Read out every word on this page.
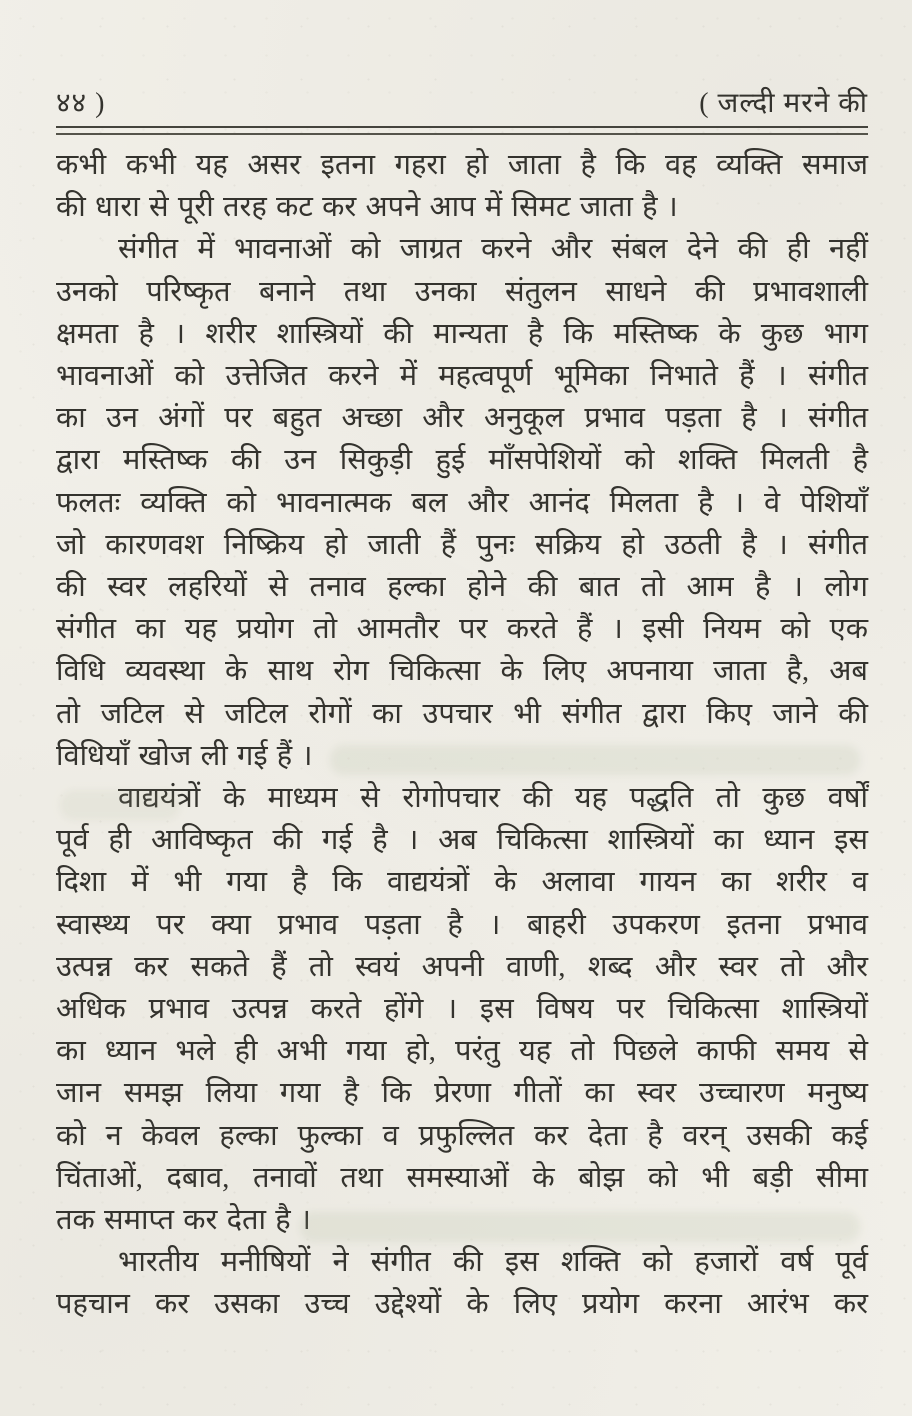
४४ )	( जल्दी मरने की
कभी कभी यह असर इतना गहरा हो जाता है कि वह व्यक्ति समाज
की धारा से पूरी तरह कट कर अपने आप में सिमट जाता है ।
संगीत में भावनाओं को जाग्रत करने और संबल देने की ही नहीं
उनको परिष्कृत बनाने तथा उनका संतुलन साधने की प्रभावशाली
क्षमता है । शरीर शास्त्रियों की मान्यता है कि मस्तिष्क के कुछ भाग
भावनाओं को उत्तेजित करने में महत्वपूर्ण भूमिका निभाते हैं । संगीत
का उन अंगों पर बहुत अच्छा और अनुकूल प्रभाव पड़ता है । संगीत
द्वारा मस्तिष्क की उन सिकुड़ी हुई माँसपेशियों को शक्ति मिलती है
फलतः व्यक्ति को भावनात्मक बल और आनंद मिलता है । वे पेशियाँ
जो कारणवश निष्क्रिय हो जाती हैं पुनः सक्रिय हो उठती है । संगीत
की स्वर लहरियों से तनाव हल्का होने की बात तो आम है । लोग
संगीत का यह प्रयोग तो आमतौर पर करते हैं । इसी नियम को एक
विधि व्यवस्था के साथ रोग चिकित्सा के लिए अपनाया जाता है, अब
तो जटिल से जटिल रोगों का उपचार भी संगीत द्वारा किए जाने की
विधियाँ खोज ली गई हैं ।
वाद्ययंत्रों के माध्यम से रोगोपचार की यह पद्धति तो कुछ वर्षों
पूर्व ही आविष्कृत की गई है । अब चिकित्सा शास्त्रियों का ध्यान इस
दिशा में भी गया है कि वाद्ययंत्रों के अलावा गायन का शरीर व
स्वास्थ्य पर क्या प्रभाव पड़ता है । बाहरी उपकरण इतना प्रभाव
उत्पन्न कर सकते हैं तो स्वयं अपनी वाणी, शब्द और स्वर तो और
अधिक प्रभाव उत्पन्न करते होंगे । इस विषय पर चिकित्सा शास्त्रियों
का ध्यान भले ही अभी गया हो, परंतु यह तो पिछले काफी समय से
जान समझ लिया गया है कि प्रेरणा गीतों का स्वर उच्चारण मनुष्य
को न केवल हल्का फुल्का व प्रफुल्लित कर देता है वरन् उसकी कई
चिंताओं, दबाव, तनावों तथा समस्याओं के बोझ को भी बड़ी सीमा
तक समाप्त कर देता है ।
भारतीय मनीषियों ने संगीत की इस शक्ति को हजारों वर्ष पूर्व
पहचान कर उसका उच्च उद्देश्यों के लिए प्रयोग करना आरंभ कर
